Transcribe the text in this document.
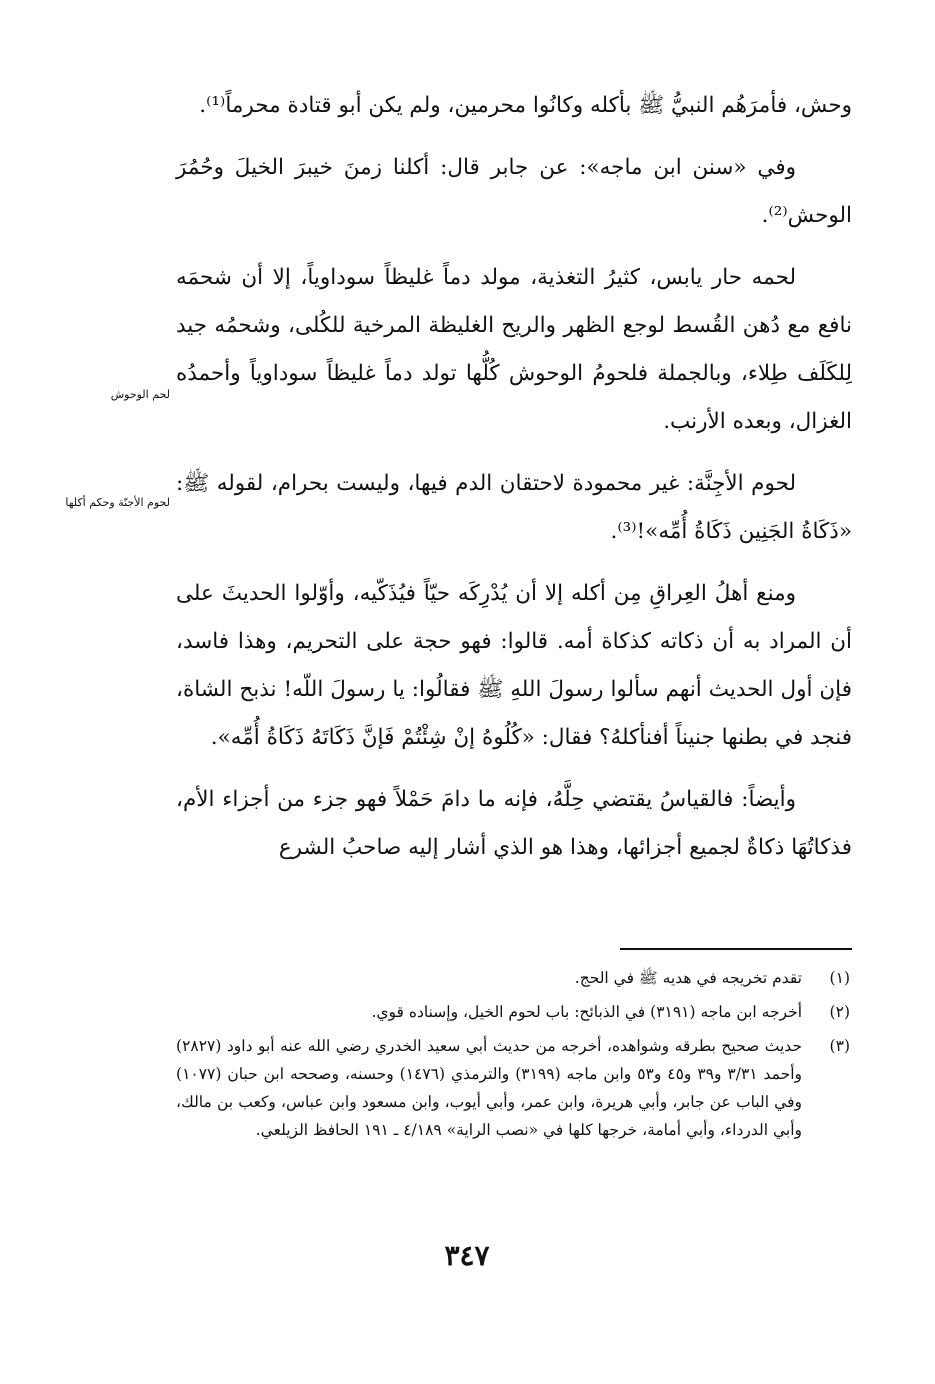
وحش، فأمرَهُم النبيُّ ﷺ بأكله وكانُوا محرمين، ولم يكن أبو قتادة محرماً⁽¹⁾.

وفي «سنن ابن ماجه»: عن جابر قال: أكلنا زمنَ خيبرَ الخيلَ وحُمُرَ الوحش⁽²⁾.

لحمه حار يابس، كثيرُ التغذية، مولد دماً غليظاً سوداوياً، إلا أن شحمَه نافع مع دُهن القُسط لوجع الظهر والريح الغليظة المرخية للكُلى، وشحمُه جيد لِلكَلَف طِلاء، وبالجملة فلحومُ الوحوش كُلُّها تولد دماً غليظاً سوداوياً وأحمدُه الغزال، وبعده الأرنب.

لحوم الأجِنَّة: غير محمودة لاحتقان الدم فيها، وليست بحرام، لقوله ﷺ: «ذَكَاةُ الجَنِين ذَكَاةُ أُمِّه»!⁽³⁾.

ومنع أهلُ العِراقِ مِن أكله إلا أن يُدْرِكَه حيّاً فيُذَكّيه، وأوّلوا الحديثَ على أن المراد به أن ذكاته كذكاة أمه. قالوا: فهو حجة على التحريم، وهذا فاسد، فإن أول الحديث أنهم سألوا رسولَ اللهِ ﷺ فقالُوا: يا رسولَ اللّه! نذبح الشاة، فنجد في بطنها جنيناً أفنأكلهُ؟ فقال: «كُلُوهُ إنْ شِئْتُمْ فَإنَّ ذَكَاتَهُ ذَكَاةُ أُمِّه».

وأيضاً: فالقياسُ يقتضي حِلَّهُ، فإنه ما دامَ حَمْلاً فهو جزء من أجزاء الأم، فذكاتُهَا ذكاةٌ لجميع أجزائها، وهذا هو الذي أشار إليه صاحبُ الشرع

لحم الوحوش
لحوم الأجنّة وحكم أكلها
(١)
تقدم تخريجه في هديه ﷺ في الحج.
(٢)
أخرجه ابن ماجه (٣١٩١) في الذبائح: باب لحوم الخيل، وإسناده قوي.
(٣)
حديث صحيح بطرقه وشواهده، أخرجه من حديث أبي سعيد الخدري رضي الله عنه أبو داود (٢٨٢٧) وأحمد ٣/٣١ و٣٩ و٤٥ و٥٣ وابن ماجه (٣١٩٩) والترمذي (١٤٧٦) وحسنه، وصححه ابن حبان (١٠٧٧) وفي الباب عن جابر، وأبي هريرة، وابن عمر، وأبي أيوب، وابن مسعود وابن عباس، وكعب بن مالك، وأبي الدرداء، وأبي أمامة، خرجها كلها في «نصب الراية» ٤/١٨٩ ـ ١٩١ الحافظ الزيلعي.
٣٤٧
